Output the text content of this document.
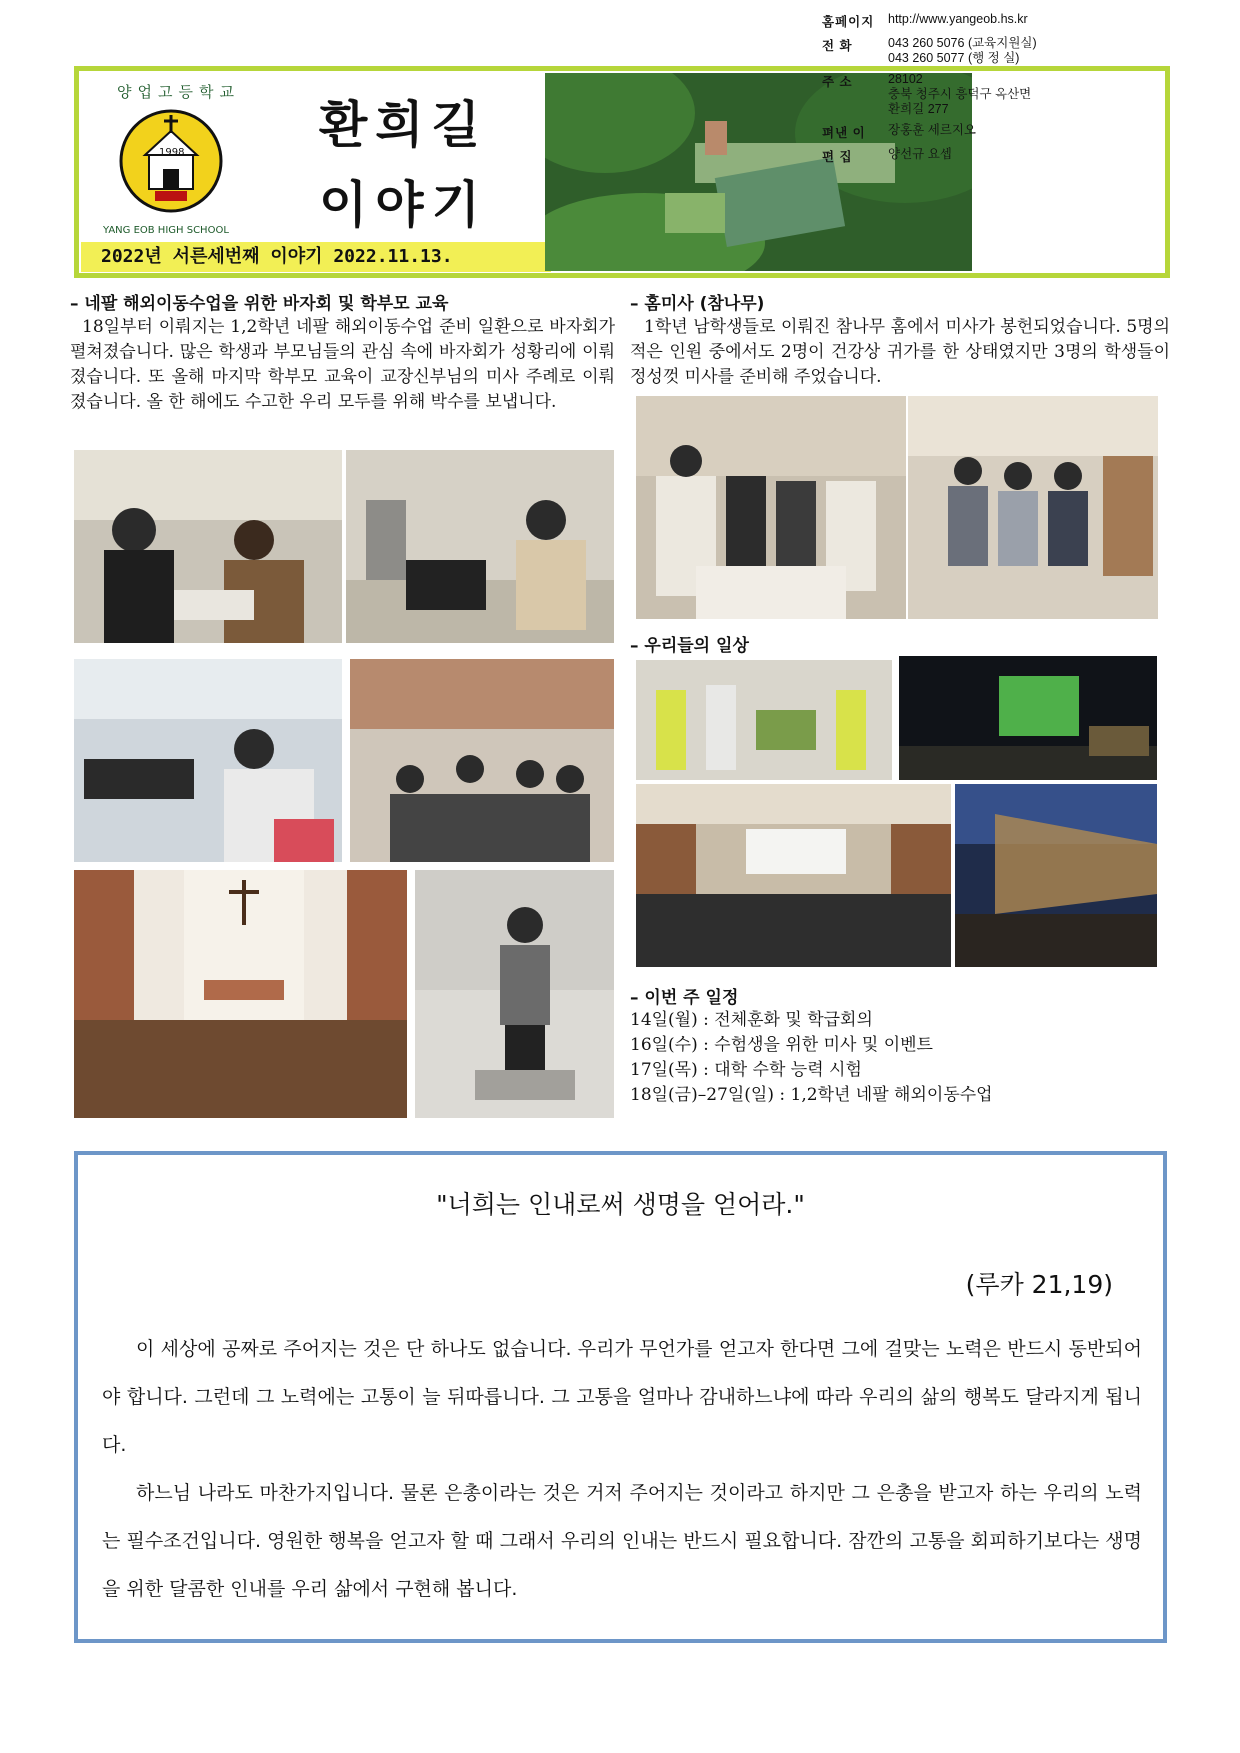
1998
양업고등학교
YANG EOB HIGH SCHOOL
환희길
이야기
2022년 서른세번째 이야기 2022.11.13.
홈페이지	http://www.yangeob.hs.kr
전 화	043 260 5076 (교육지원실)
043 260 5077 (행 정 실)
주 소	28102
충북 청주시 흥덕구 옥산면
환희길 277
펴낸 이	장홍훈 세르지오
편 집	양선규 요셉
– 네팔 해외이동수업을 위한 바자회 및 학부모 교육
18일부터 이뤄지는 1,2학년 네팔 해외이동수업 준비 일환으로 바자회가 펼쳐졌습니다. 많은 학생과 부모님들의 관심 속에 바자회가 성황리에 이뤄졌습니다. 또 올해 마지막 학부모 교육이 교장신부님의 미사 주례로 이뤄졌습니다. 올 한 해에도 수고한 우리 모두를 위해 박수를 보냅니다.
– 홈미사 (참나무)
1학년 남학생들로 이뤄진 참나무 홈에서 미사가 봉헌되었습니다. 5명의 적은 인원 중에서도 2명이 건강상 귀가를 한 상태였지만 3명의 학생들이 정성껏 미사를 준비해 주었습니다.
– 우리들의 일상
– 이번 주 일정
14일(월) : 전체훈화 및 학급회의
16일(수) : 수험생을 위한 미사 및 이벤트
17일(목) : 대학 수학 능력 시험
18일(금)–27일(일) : 1,2학년 네팔 해외이동수업
"너희는 인내로써 생명을 얻어라."
(루카 21,19)
이 세상에 공짜로 주어지는 것은 단 하나도 없습니다. 우리가 무언가를 얻고자 한다면 그에 걸맞는 노력은 반드시 동반되어야 합니다. 그런데 그 노력에는 고통이 늘 뒤따릅니다. 그 고통을 얼마나 감내하느냐에 따라 우리의 삶의 행복도 달라지게 됩니다.
하느님 나라도 마찬가지입니다. 물론 은총이라는 것은 거저 주어지는 것이라고 하지만 그 은총을 받고자 하는 우리의 노력는 필수조건입니다. 영원한 행복을 얻고자 할 때 그래서 우리의 인내는 반드시 필요합니다. 잠깐의 고통을 회피하기보다는 생명을 위한 달콤한 인내를 우리 삶에서 구현해 봅니다.
